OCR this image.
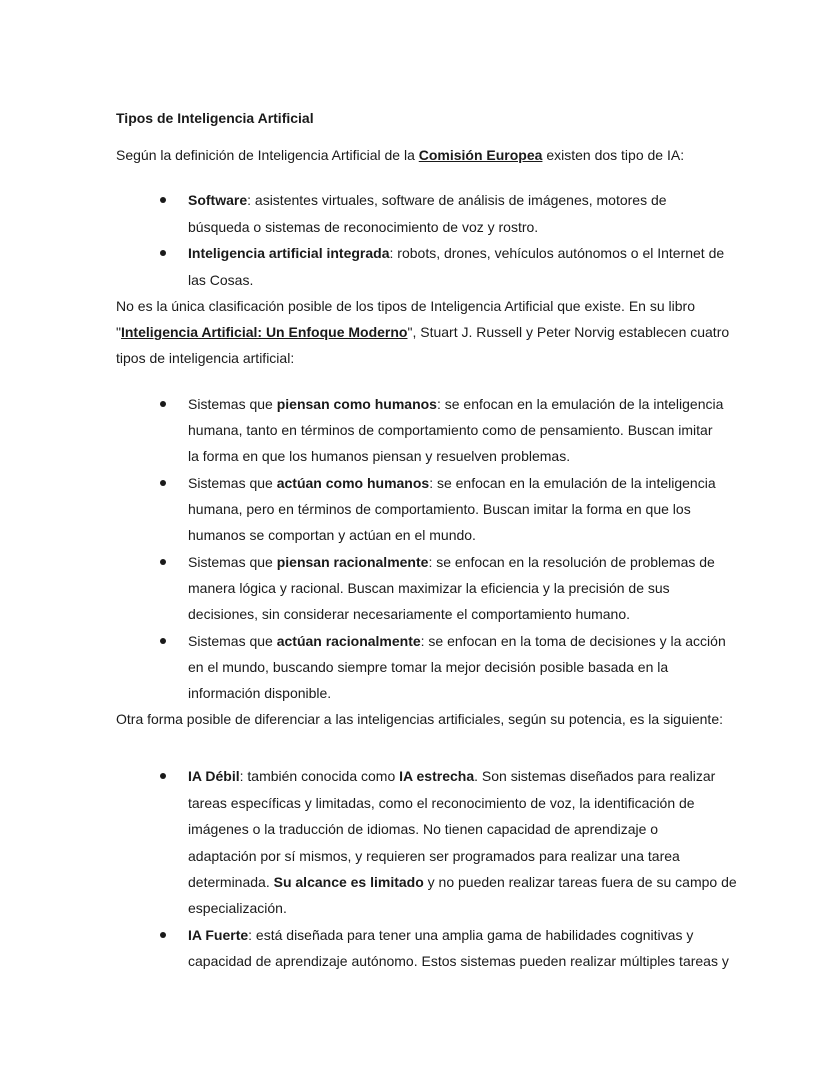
Tipos de Inteligencia Artificial
Según la definición de Inteligencia Artificial de la Comisión Europea existen dos tipo de IA:
Software: asistentes virtuales, software de análisis de imágenes, motores de
búsqueda o sistemas de reconocimiento de voz y rostro.
Inteligencia artificial integrada: robots, drones, vehículos autónomos o el Internet de
las Cosas.
No es la única clasificación posible de los tipos de Inteligencia Artificial que existe. En su libro
"Inteligencia Artificial: Un Enfoque Moderno", Stuart J. Russell y Peter Norvig establecen cuatro
tipos de inteligencia artificial:
Sistemas que piensan como humanos: se enfocan en la emulación de la inteligencia
humana, tanto en términos de comportamiento como de pensamiento. Buscan imitar
la forma en que los humanos piensan y resuelven problemas.
Sistemas que actúan como humanos: se enfocan en la emulación de la inteligencia
humana, pero en términos de comportamiento. Buscan imitar la forma en que los
humanos se comportan y actúan en el mundo.
Sistemas que piensan racionalmente: se enfocan en la resolución de problemas de
manera lógica y racional. Buscan maximizar la eficiencia y la precisión de sus
decisiones, sin considerar necesariamente el comportamiento humano.
Sistemas que actúan racionalmente: se enfocan en la toma de decisiones y la acción
en el mundo, buscando siempre tomar la mejor decisión posible basada en la
información disponible.
Otra forma posible de diferenciar a las inteligencias artificiales, según su potencia, es la siguiente:
IA Débil: también conocida como IA estrecha. Son sistemas diseñados para realizar
tareas específicas y limitadas, como el reconocimiento de voz, la identificación de
imágenes o la traducción de idiomas. No tienen capacidad de aprendizaje o
adaptación por sí mismos, y requieren ser programados para realizar una tarea
determinada. Su alcance es limitado y no pueden realizar tareas fuera de su campo de
especialización.
IA Fuerte: está diseñada para tener una amplia gama de habilidades cognitivas y
capacidad de aprendizaje autónomo. Estos sistemas pueden realizar múltiples tareas y
